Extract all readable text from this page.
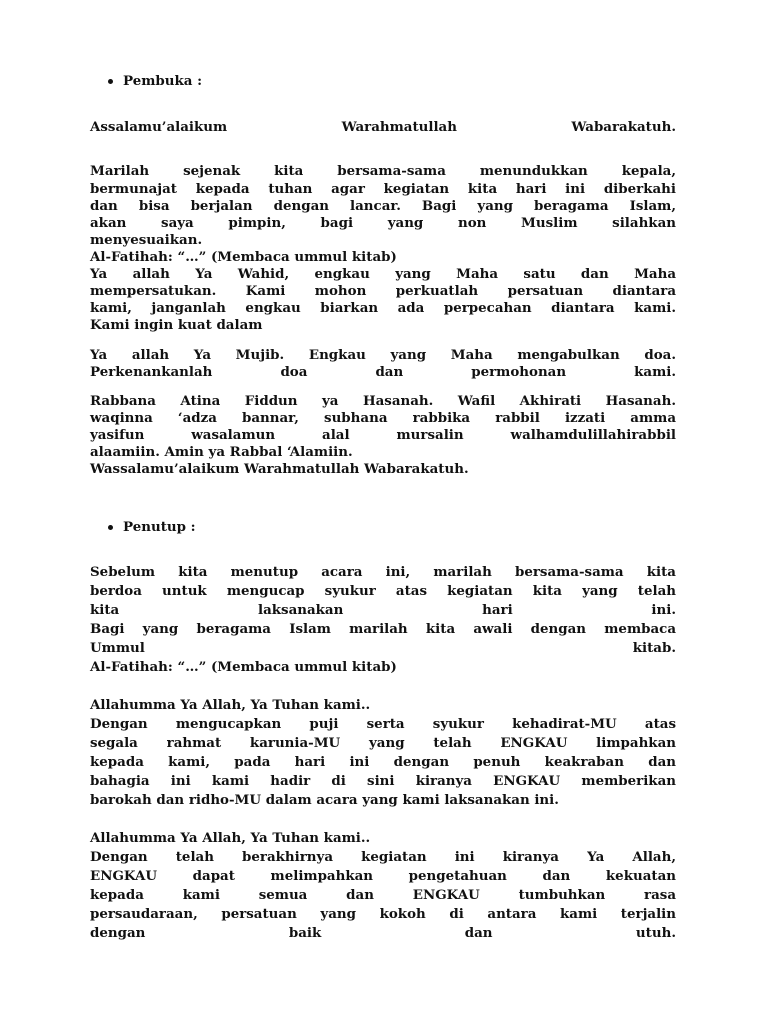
Pembuka :
Assalamu’alaikum Warahmatullah Wabarakatuh.
Marilah sejenak kita bersama-sama menundukkan kepala,
bermunajat kepada tuhan agar kegiatan kita hari ini diberkahi
dan bisa berjalan dengan lancar. Bagi yang beragama Islam,
akan saya pimpin, bagi yang non Muslim silahkan
menyesuaikan.
Al-Fatihah: “…” (Membaca ummul kitab)
Ya allah Ya Wahid, engkau yang Maha satu dan Maha
mempersatukan. Kami mohon perkuatlah persatuan diantara
kami, janganlah engkau biarkan ada perpecahan diantara kami.
Kami ingin kuat dalam
Ya allah Ya Mujib. Engkau yang Maha mengabulkan doa.
Perkenankanlah doa dan permohonan kami.
Rabbana Atina Fiddun ya Hasanah. Wafil Akhirati Hasanah.
waqinna ‘adza bannar, subhana rabbika rabbil izzati amma
yasifun wasalamun alal mursalin walhamdulillahirabbil
alaamiin. Amin ya Rabbal ‘Alamiin.
Wassalamu’alaikum Warahmatullah Wabarakatuh.
Penutup :
Sebelum kita menutup acara ini, marilah bersama-sama kita
berdoa untuk mengucap syukur atas kegiatan kita yang telah
kita laksanakan hari ini.
Bagi yang beragama Islam marilah kita awali dengan membaca
Ummul kitab.
Al-Fatihah: “…” (Membaca ummul kitab)
Allahumma Ya Allah, Ya Tuhan kami..
Dengan mengucapkan puji serta syukur kehadirat-MU atas
segala rahmat karunia-MU yang telah ENGKAU limpahkan
kepada kami, pada hari ini dengan penuh keakraban dan
bahagia ini kami hadir di sini kiranya ENGKAU memberikan
barokah dan ridho-MU dalam acara yang kami laksanakan ini.
Allahumma Ya Allah, Ya Tuhan kami..
Dengan telah berakhirnya kegiatan ini kiranya Ya Allah,
ENGKAU dapat melimpahkan pengetahuan dan kekuatan
kepada kami semua dan ENGKAU tumbuhkan rasa
persaudaraan, persatuan yang kokoh di antara kami terjalin
dengan baik dan utuh.
